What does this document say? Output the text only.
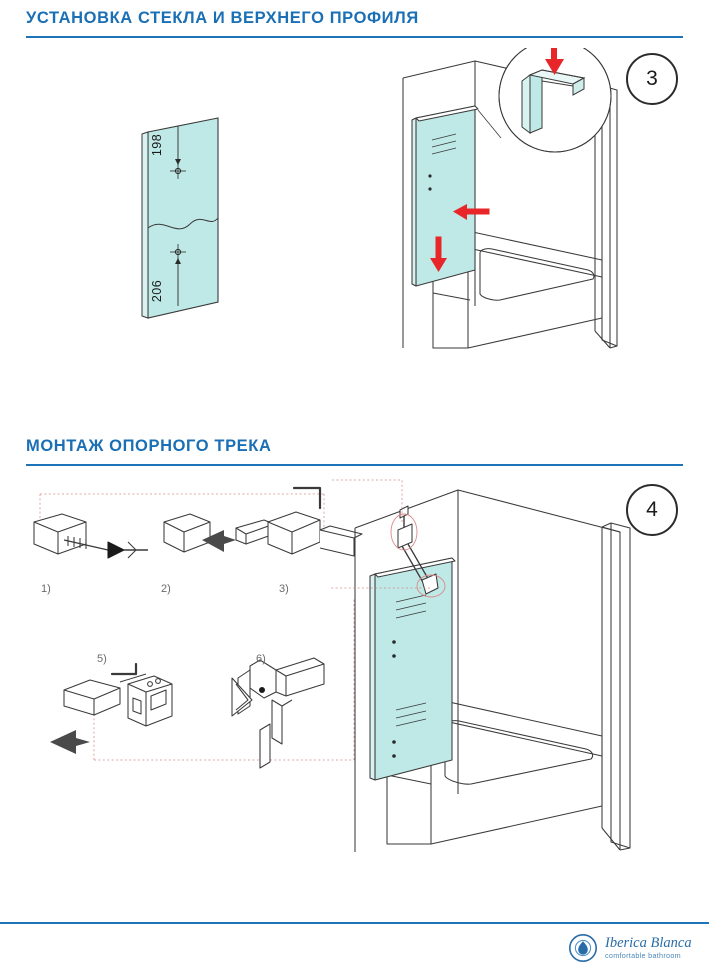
УСТАНОВКА СТЕКЛА И ВЕРХНЕГО ПРОФИЛЯ
3
198
206
МОНТАЖ ОПОРНОГО ТРЕКА
4
1)	2)	3)
5)	6)
Iberica Blanca
comfortable bathroom
